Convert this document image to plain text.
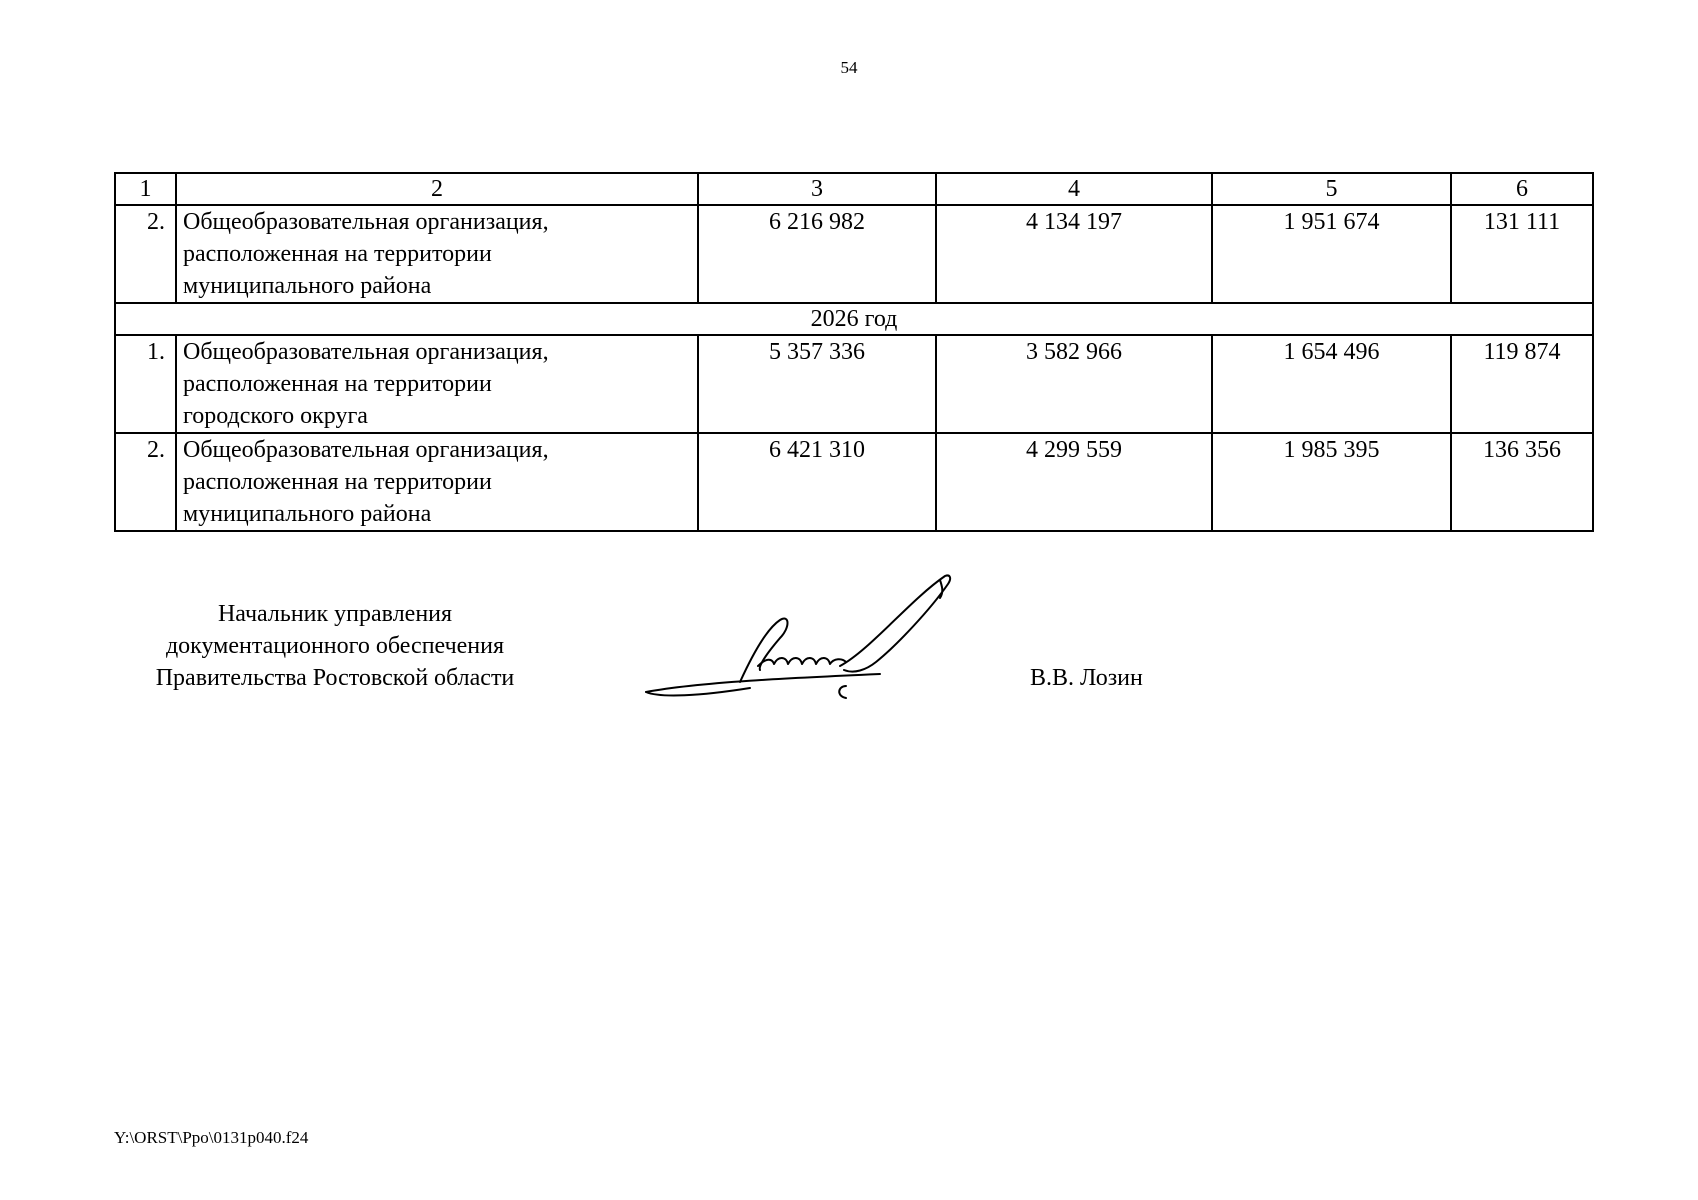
54
1	2	3	4	5	6
2.	Общеобразовательная организация,
расположенная на территории
муниципального района	6 216 982	4 134 197	1 951 674	131 111
2026 год					
1.	Общеобразовательная организация,
расположенная на территории
городского округа	5 357 336	3 582 966	1 654 496	119 874
2.	Общеобразовательная организация,
расположенная на территории
муниципального района	6 421 310	4 299 559	1 985 395	136 356
Начальник управления
документационного обеспечения
Правительства Ростовской области	В.В. Лозин
Y:\ORST\Ppo\0131p040.f24
